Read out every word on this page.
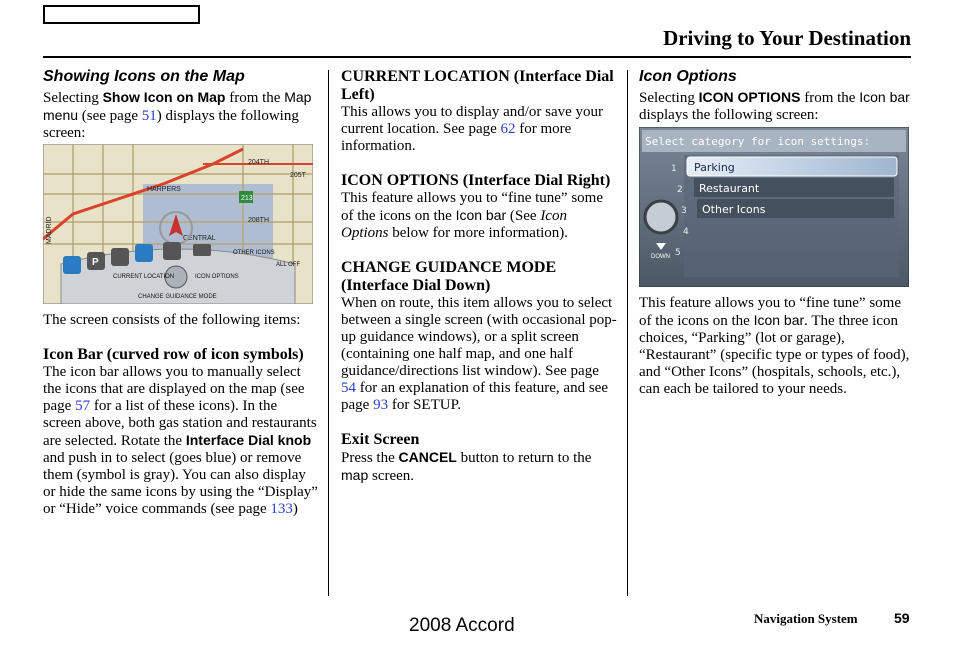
Driving to Your Destination
Showing Icons on the Map

Selecting Show Icon on Map from the Map menu (see page 51) displays the following screen:

HARPERS
204TH
205T
208TH
CENTRAL
MADRID
213
P
CURRENT LOCATION	ICON OPTIONS
CHANGE GUIDANCE MODE
OTHER ICONS
ALL OFF

The screen consists of the following items:

Icon Bar (curved row of icon symbols)

The icon bar allows you to manually select the icons that are displayed on the map (see page 57 for a list of these icons). In the screen above, both gas station and restaurants are selected. Rotate the Interface Dial knob and push in to select (goes blue) or remove them (symbol is gray). You can also display or hide the same icons by using the “Display” or “Hide” voice commands (see page 133)

CURRENT LOCATION (Interface Dial Left)

This allows you to display and/or save your current location. See page 62 for more information.

ICON OPTIONS (Interface Dial Right)

This feature allows you to “fine tune” some of the icons on the Icon bar (See Icon Options below for more information).

CHANGE GUIDANCE MODE (Interface Dial Down)

When on route, this item allows you to select between a single screen (with occasional pop-up guidance windows), or a split screen (containing one half map, and one half guidance/directions list window). See page 54 for an explanation of this feature, and see page 93 for SETUP.

Exit Screen

Press the CANCEL button to return to the map screen.

Icon Options

Selecting ICON OPTIONS from the Icon bar displays the following screen:

Select category for icon settings:
Parking
Restaurant
Other Icons
1
2
3
4
5
DOWN

This feature allows you to “fine tune” some of the icons on the Icon bar. The three icon choices, “Parking” (lot or garage), “Restaurant” (specific type or types of food), and “Other Icons” (hospitals, schools, etc.), can each be tailored to your needs.

2008 Accord	Navigation System	59
